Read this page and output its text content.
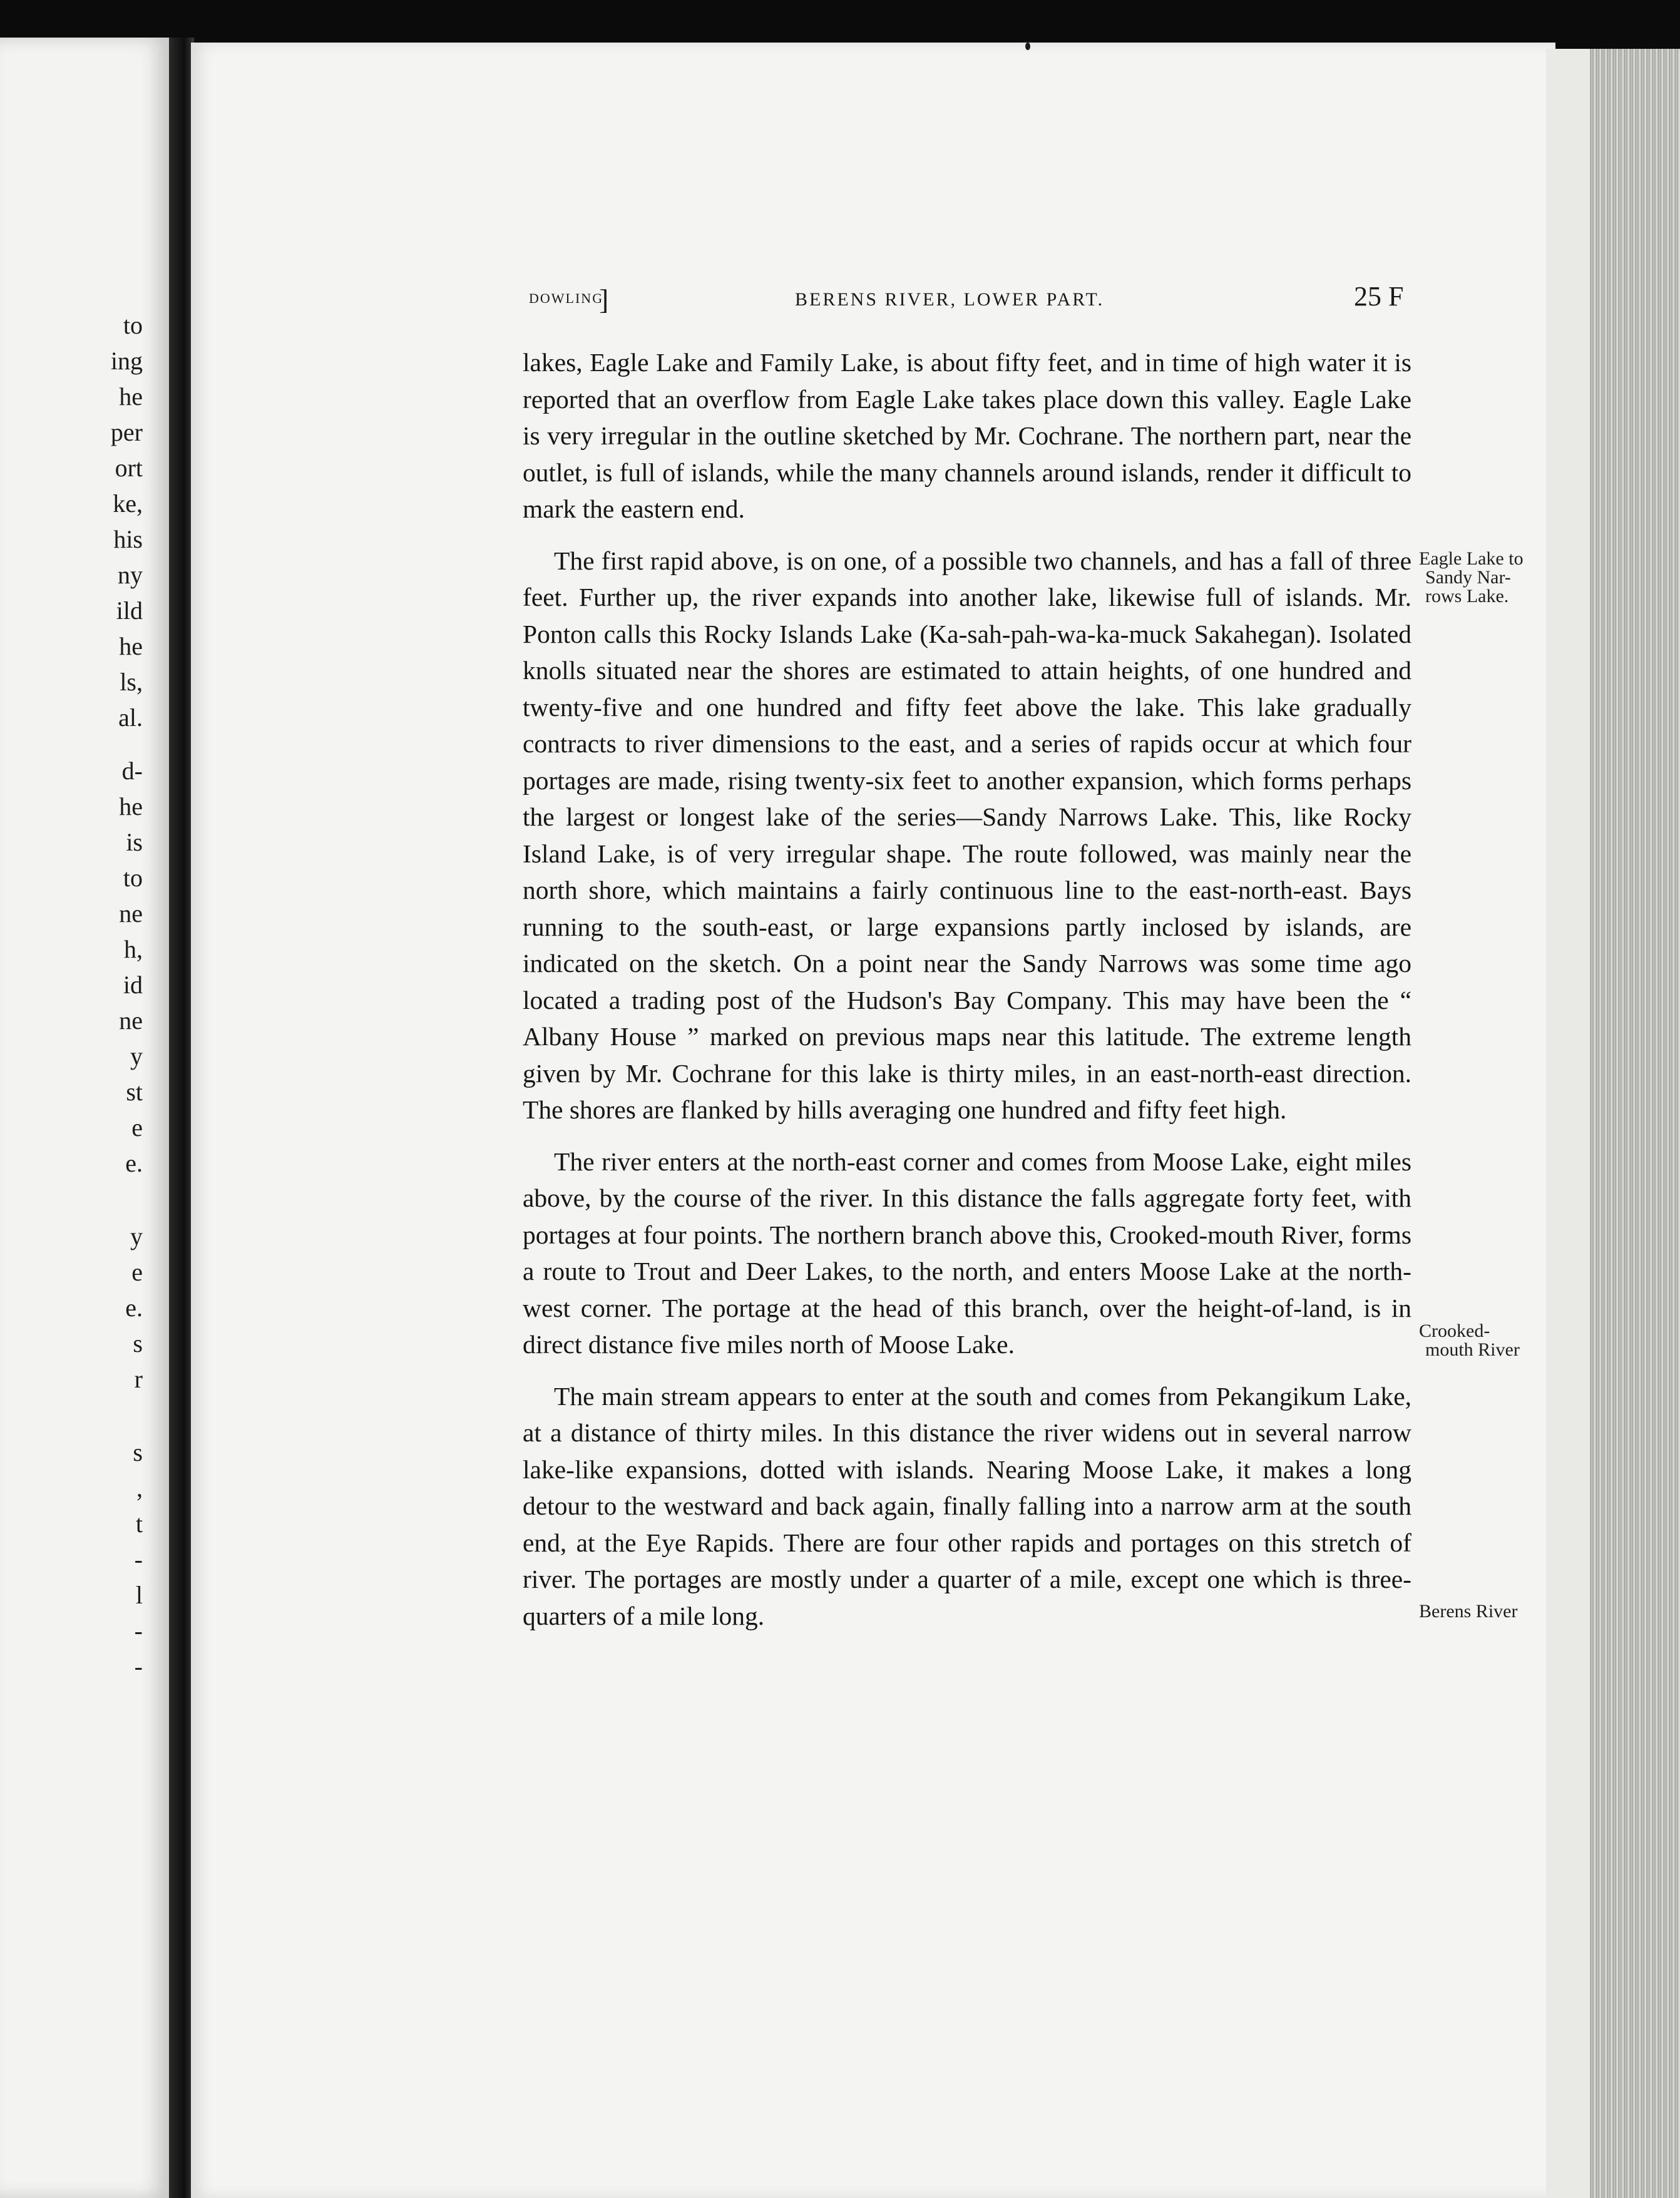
to
ing
he
per
ort
ke,
his
ny
ild
he
ls,
al.
d-
he
is
to
ne
h,
id
ne
y
st
e
e.
y
e
e.
s
r
s
,
t
-
l
-
-
DOWLING
]	BERENS RIVER, LOWER PART.	25 F

lakes, Eagle Lake and Family Lake, is about fifty feet, and in time of high water it is reported that an overflow from Eagle Lake takes place down this valley. Eagle Lake is very irregular in the outline sketched by Mr. Cochrane. The northern part, near the outlet, is full of islands, while the many channels around islands, render it difficult to mark the eastern end.

The first rapid above, is on one, of a possible two channels, and has a fall of three feet. Further up, the river expands into another lake, likewise full of islands. Mr. Ponton calls this Rocky Islands Lake (Ka-sah-pah-wa-ka-muck Sakahegan). Isolated knolls situated near the shores are estimated to attain heights, of one hundred and twenty-five and one hundred and fifty feet above the lake. This lake gradually contracts to river dimensions to the east, and a series of rapids occur at which four portages are made, rising twenty-six feet to another expansion, which forms perhaps the largest or longest lake of the series—Sandy Narrows Lake. This, like Rocky Island Lake, is of very irregular shape. The route followed, was mainly near the north shore, which maintains a fairly continuous line to the east-north-east. Bays running to the south-east, or large expansions partly inclosed by islands, are indicated on the sketch. On a point near the Sandy Narrows was some time ago located a trading post of the Hudson's Bay Company. This may have been the “ Albany House ” marked on previous maps near this latitude. The extreme length given by Mr. Cochrane for this lake is thirty miles, in an east-north-east direction. The shores are flanked by hills averaging one hundred and fifty feet high.

The river enters at the north-east corner and comes from Moose Lake, eight miles above, by the course of the river. In this distance the falls aggregate forty feet, with portages at four points. The northern branch above this, Crooked-mouth River, forms a route to Trout and Deer Lakes, to the north, and enters Moose Lake at the north-west corner. The portage at the head of this branch, over the height-of-land, is in direct distance five miles north of Moose Lake.

The main stream appears to enter at the south and comes from Pekangikum Lake, at a distance of thirty miles. In this distance the river widens out in several narrow lake-like expansions, dotted with islands. Nearing Moose Lake, it makes a long detour to the westward and back again, finally falling into a narrow arm at the south end, at the Eye Rapids. There are four other rapids and portages on this stretch of river. The portages are mostly under a quarter of a mile, except one which is three-quarters of a mile long.

Eagle Lake to
Sandy Nar-
rows Lake.
Crooked-
mouth River
Berens River
